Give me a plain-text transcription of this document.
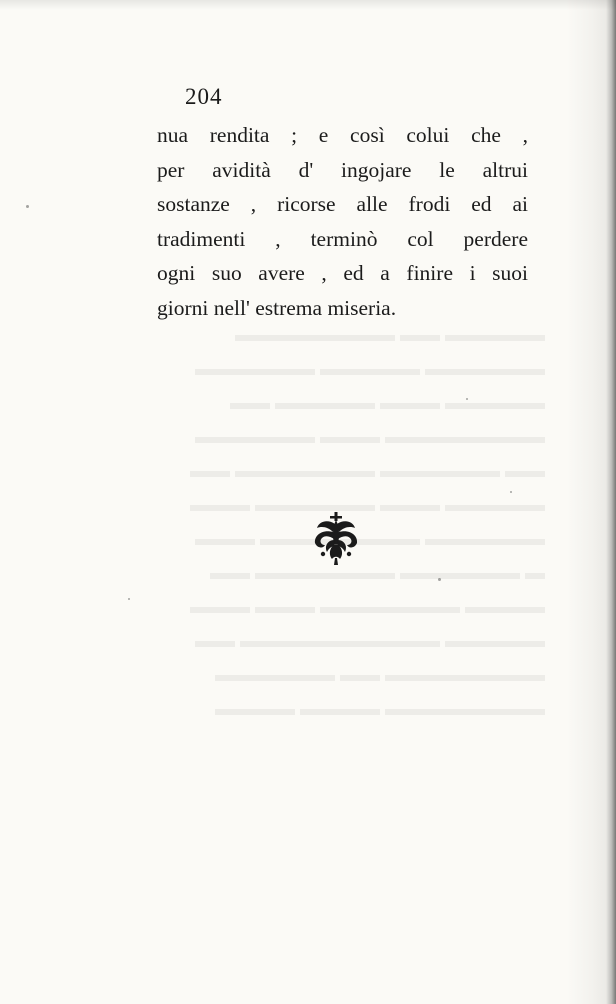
▬▬▬▬▬ ▬▬ ▬▬▬▬▬▬▬▬
▬▬▬▬▬▬ ▬▬▬▬▬ ▬▬▬▬▬▬
▬▬▬▬▬ ▬▬▬ ▬▬▬▬▬ ▬▬
▬▬▬▬▬▬▬▬ ▬▬▬ ▬▬▬▬▬▬
▬▬ ▬▬▬▬▬▬ ▬▬▬▬▬▬▬ ▬▬
▬▬▬▬▬ ▬▬▬ ▬▬▬▬▬▬ ▬▬▬
▬▬▬▬▬▬ ▬▬▬▬▬▬▬▬ ▬▬▬
▬ ▬▬▬▬▬▬ ▬▬▬▬▬▬▬ ▬▬
▬▬▬▬ ▬▬▬▬▬▬▬ ▬▬▬ ▬▬▬
▬▬▬▬▬ ▬▬▬▬▬▬▬▬▬▬ ▬▬
▬▬▬▬▬▬▬▬ ▬▬ ▬▬▬▬▬▬
▬▬▬▬▬▬▬▬ ▬▬▬▬ ▬▬▬▬
204
nua rendita ; e così colui che ,
per avidità d' ingojare le altrui
sostanze , ricorse alle frodi ed ai
tradimenti , terminò col perdere
ogni suo avere , ed a finire i suoi
giorni nell' estrema miseria.
